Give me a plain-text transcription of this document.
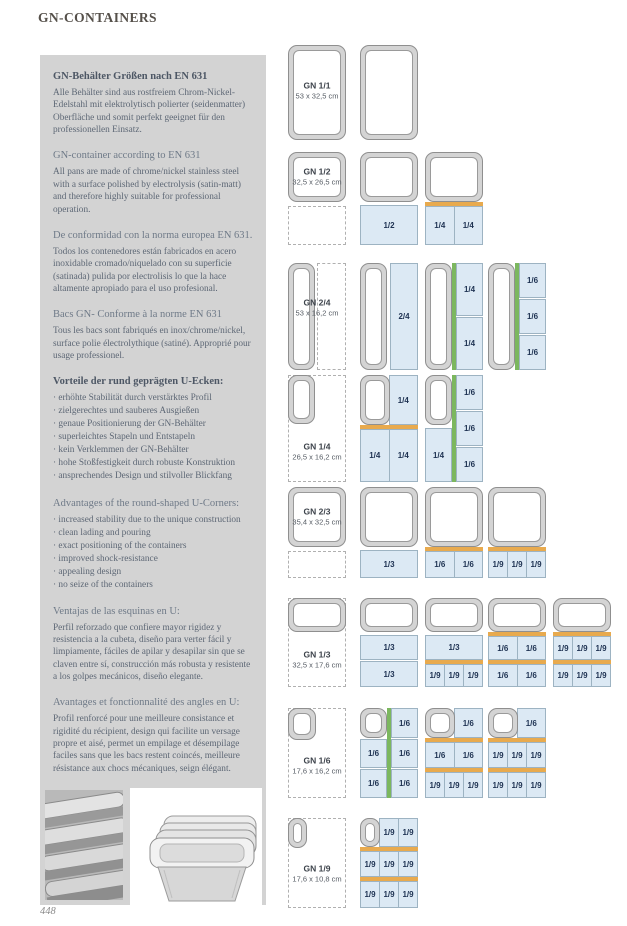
GN-CONTAINERS
GN-Behälter Größen nach EN 631

Alle Behälter sind aus rostfreiem Chrom-Nickel-Edelstahl mit elektrolytisch polierter (seidenmatter) Oberfläche und somit perfekt geeignet für den professionellen Einsatz.

GN-container according to EN 631

All pans are made of chrome/nickel stainless steel with a surface polished by electrolysis (satin-matt) and therefore highly suitable for professional operation.

De conformidad con la norma europea EN 631.

Todos los contenedores están fabricados en acero inoxidable cromado/niquelado con su superficie (satinada) pulida por electrolisis lo que la hace altamente apropiado para el uso profesional.

Bacs GN- Conforme à la norme EN 631

Tous les bacs sont fabriqués en inox/chrome/nickel, surface polie électrolythique (satiné). Approprié pour usage professionel.

Vorteile der rund geprägten U-Ecken:
· erhöhte Stabilität durch verstärktes Profil
· zielgerechtes und sauberes Ausgießen
· genaue Positionierung der GN-Behälter
· superleichtes Stapeln und Entstapeln
· kein Verklemmen der GN-Behälter
· hohe Stoßfestigkeit durch robuste Konstruktion
· ansprechendes Design und stilvoller Blickfang
Advantages of the round-shaped U-Corners:
· increased stability due to the unique construction
· clean lading and pouring
· exact positioning of the containers
· improved shock-resistance
· appealing design
· no seize of the containers
Ventajas de las esquinas en U:

Perfil reforzado que confiere mayor rigidez y resistencia a la cubeta, diseño para verter fácil y limpiamente, fáciles de apilar y desapilar sin que se claven entre sí, construcción más robusta y resistente a los golpes mecánicos, diseño elegante.

Avantages et fonctionnalité des angles en U:

Profil renforcé pour une meilleure consistance et rigidité du récipient, design qui facilite un versage propre et aisé, permet un empilage et désempilage faciles sans que les bacs restent coincés, meilleure résistance aux chocs mécaniques, seign élégant.

GN 1/1
53 x 32,5 cm
GN 1/2
32,5 x 26,5 cm
1/2	1/4	1/4
GN 2/4
53 x 16,2 cm	2/4
1/4
1/4
1/6
1/6
1/6
GN 1/4
26,5 x 16,2 cm
1/4
1/4	1/4	1/4
1/6
1/6
1/6
GN 2/3
35,4 x 32,5 cm
1/3	1/6	1/6	1/9 1/9 1/9
GN 1/3
32,5 x 17,6 cm
1/3
1/3
1/3
1/9 1/9 1/9
1/6	1/6
1/6	1/6
1/9 1/9 1/9
1/9 1/9 1/9
GN 1/6
17,6 x 16,2 cm
1/6
1/6
1/6
1/6
1/6
1/6
1/6	1/6
1/9 1/9 1/9
1/6
1/9 1/9 1/9
1/9 1/9 1/9
GN 1/9
17,6 x 10,8 cm
1/9 1/9
1/9 1/9 1/9
1/9 1/9 1/9
448
